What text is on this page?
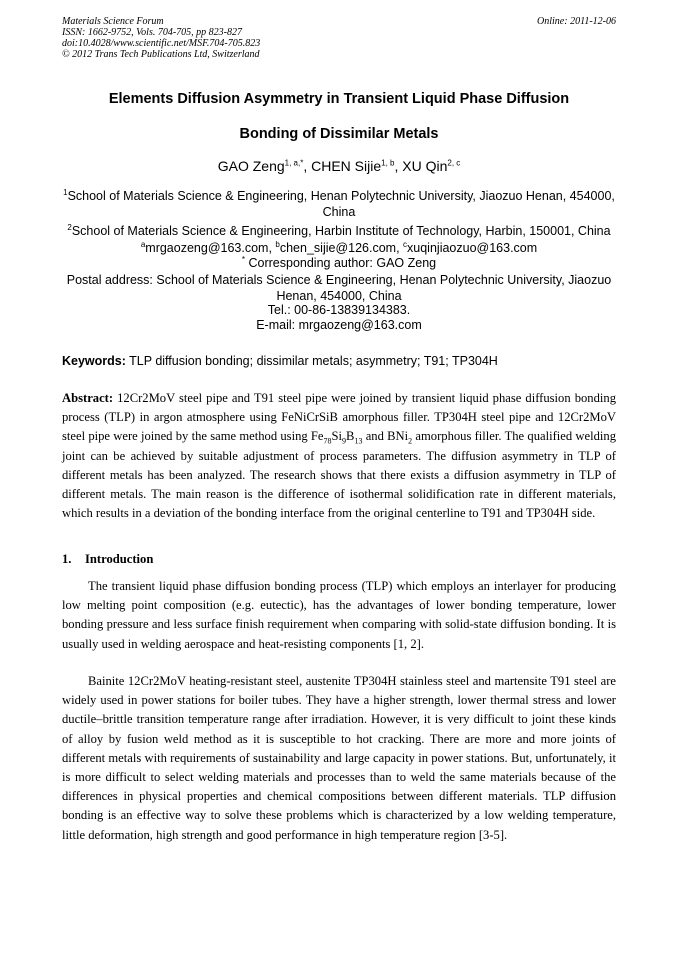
Materials Science Forum
ISSN: 1662-9752, Vols. 704-705, pp 823-827
doi:10.4028/www.scientific.net/MSF.704-705.823
© 2012 Trans Tech Publications Ltd, Switzerland
Online: 2011-12-06
Elements Diffusion Asymmetry in Transient Liquid Phase Diffusion
Bonding of Dissimilar Metals
GAO Zeng$^{1, a,*}$, CHEN Sijie$^{1, b}$, XU Qin$^{2, c}$
$^1$School of Materials Science & Engineering, Henan Polytechnic University, Jiaozuo Henan, 454000, China
$^2$School of Materials Science & Engineering, Harbin Institute of Technology, Harbin, 150001, China
$^a$mrgaozeng@163.com, $^b$chen_sijie@126.com, $^c$xuqinjiaozuo@163.com
* Corresponding author: GAO Zeng
Postal address: School of Materials Science & Engineering, Henan Polytechnic University, Jiaozuo Henan, 454000, China
Tel.: 00-86-13839134383.
E-mail: mrgaozeng@163.com
Keywords: TLP diffusion bonding; dissimilar metals; asymmetry; T91; TP304H
Abstract: 12Cr2MoV steel pipe and T91 steel pipe were joined by transient liquid phase diffusion bonding process (TLP) in argon atmosphere using FeNiCrSiB amorphous filler. TP304H steel pipe and 12Cr2MoV steel pipe were joined by the same method using $Fe_{78}Si_9B_{13}$ and BNi$_2$ amorphous filler. The qualified welding joint can be achieved by suitable adjustment of process parameters. The diffusion asymmetry in TLP of different metals has been analyzed. The research shows that there exists a diffusion asymmetry in TLP of different metals. The main reason is the difference of isothermal solidification rate in different materials, which results in a deviation of the bonding interface from the original centerline to T91 and TP304H side.
1. Introduction
The transient liquid phase diffusion bonding process (TLP) which employs an interlayer for producing low melting point composition (e.g. eutectic), has the advantages of lower bonding temperature, lower bonding pressure and less surface finish requirement when comparing with solid-state diffusion bonding. It is usually used in welding aerospace and heat-resisting components [1, 2].
Bainite 12Cr2MoV heating-resistant steel, austenite TP304H stainless steel and martensite T91 steel are widely used in power stations for boiler tubes. They have a higher strength, lower thermal stress and lower ductile–brittle transition temperature range after irradiation. However, it is very difficult to joint these kinds of alloy by fusion weld method as it is susceptible to hot cracking. There are more and more joints of different metals with requirements of sustainability and large capacity in power stations. But, unfortunately, it is more difficult to select welding materials and processes than to weld the same materials because of the differences in physical properties and chemical compositions between different materials. TLP diffusion bonding is an effective way to solve these problems which is characterized by a low welding temperature, little deformation, high strength and good performance in high temperature region [3-5].
